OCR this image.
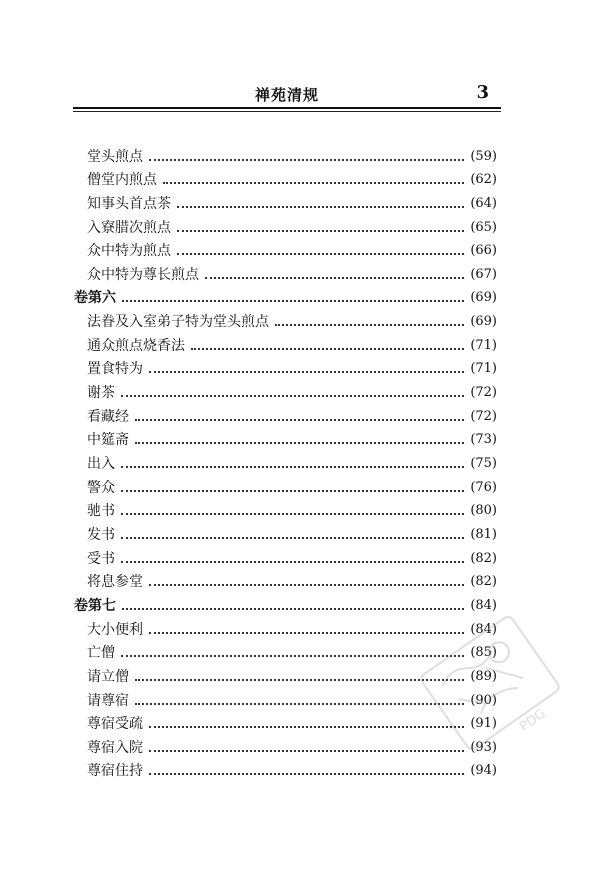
禅苑清规	3
堂头煎点	(59)
僧堂内煎点	(62)
知事头首点茶	(64)
入寮腊次煎点	(65)
众中特为煎点	(66)
众中特为尊长煎点	(67)
卷第六	(69)
法眷及入室弟子特为堂头煎点	(69)
通众煎点烧香法	(71)
置食特为	(71)
谢茶	(72)
看藏经	(72)
中筵斋	(73)
出入	(75)
警众	(76)
驰书	(80)
发书	(81)
受书	(82)
将息参堂	(82)
卷第七	(84)
大小便利	(84)
亡僧	(85)
请立僧	(89)
请尊宿	(90)
尊宿受疏	(91)
尊宿入院	(93)
尊宿住持	(94)
PDG
